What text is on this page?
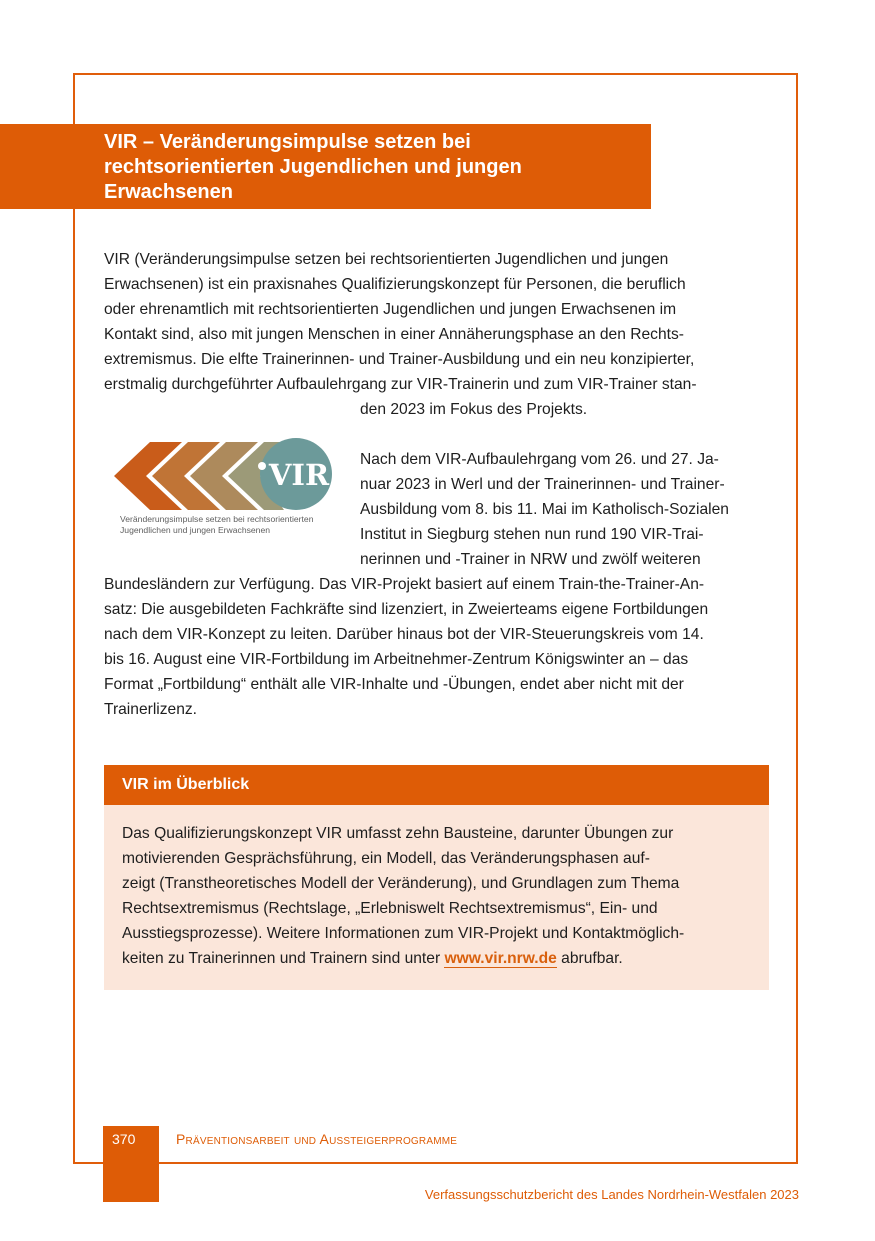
VIR – Veränderungsimpulse setzen bei
rechtsorientierten Jugendlichen und jungen
Erwachsenen
VIR (Veränderungsimpulse setzen bei rechtsorientierten Jugendlichen und jungen
Erwachsenen) ist ein praxisnahes Qualifizierungskonzept für Personen, die beruflich
oder ehrenamtlich mit rechtsorientierten Jugendlichen und jungen Erwachsenen im
Kontakt sind, also mit jungen Menschen in einer Annäherungsphase an den Rechts-
extremismus. Die elfte Trainerinnen- und Trainer-Ausbildung und ein neu konzipierter,
erstmalig durchgeführter Aufbaulehrgang zur VIR-Trainerin und zum VIR-Trainer stan-
den 2023 im Fokus des Projekts.
VIR
Veränderungsimpulse setzen bei rechtsorientierten
Jugendlichen und jungen Erwachsenen
Nach dem VIR-Aufbaulehrgang vom 26. und 27. Ja-
nuar 2023 in Werl und der Trainerinnen- und Trainer-
Ausbildung vom 8. bis 11. Mai im Katholisch-Sozialen
Institut in Siegburg stehen nun rund 190 VIR-Trai-
nerinnen und -Trainer in NRW und zwölf weiteren
Bundesländern zur Verfügung. Das VIR-Projekt basiert auf einem Train-the-Trainer-An-
satz: Die ausgebildeten Fachkräfte sind lizenziert, in Zweierteams eigene Fortbildungen
nach dem VIR-Konzept zu leiten. Darüber hinaus bot der VIR-Steuerungskreis vom 14.
bis 16. August eine VIR-Fortbildung im Arbeitnehmer-Zentrum Königswinter an – das
Format „Fortbildung“ enthält alle VIR-Inhalte und -Übungen, endet aber nicht mit der
Trainerlizenz.
VIR im Überblick
Das Qualifizierungskonzept VIR umfasst zehn Bausteine, darunter Übungen zur
motivierenden Gesprächsführung, ein Modell, das Veränderungsphasen auf-
zeigt (Transtheoretisches Modell der Veränderung), und Grundlagen zum Thema
Rechtsextremismus (Rechtslage, „Erlebniswelt Rechtsextremismus“, Ein- und
Ausstiegsprozesse). Weitere Informationen zum VIR-Projekt und Kontaktmöglich-
keiten zu Trainerinnen und Trainern sind unter www.vir.nrw.de abrufbar.
370	Präventionsarbeit und Aussteigerprogramme
Verfassungsschutzbericht des Landes Nordrhein-Westfalen 2023
